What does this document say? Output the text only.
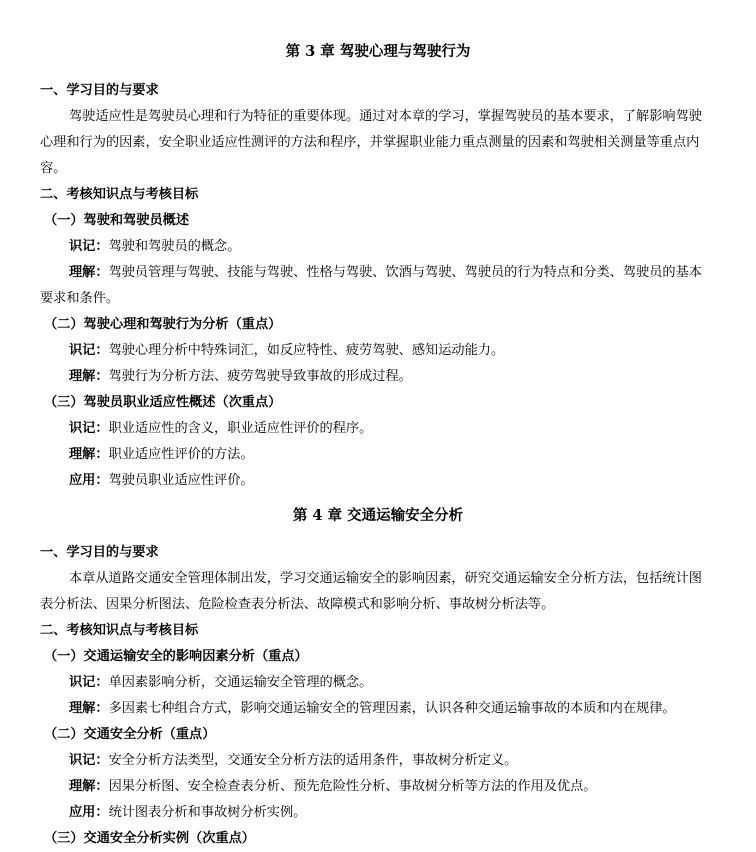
第 3 章 驾驶心理与驾驶行为
一、学习目的与要求
驾驶适应性是驾驶员心理和行为特征的重要体现。通过对本章的学习，掌握驾驶员的基本要求，了解影响驾驶
心理和行为的因素，安全职业适应性测评的方法和程序，并掌握职业能力重点测量的因素和驾驶相关测量等重点内
容。
二、考核知识点与考核目标
（一）驾驶和驾驶员概述
识记：驾驶和驾驶员的概念。
理解：驾驶员管理与驾驶、技能与驾驶、性格与驾驶、饮酒与驾驶、驾驶员的行为特点和分类、驾驶员的基本
要求和条件。
（二）驾驶心理和驾驶行为分析（重点）
识记：驾驶心理分析中特殊词汇，如反应特性、疲劳驾驶、感知运动能力。
理解：驾驶行为分析方法、疲劳驾驶导致事故的形成过程。
（三）驾驶员职业适应性概述（次重点）
识记：职业适应性的含义，职业适应性评价的程序。
理解：职业适应性评价的方法。
应用：驾驶员职业适应性评价。
第 4 章 交通运输安全分析
一、学习目的与要求
本章从道路交通安全管理体制出发，学习交通运输安全的影响因素，研究交通运输安全分析方法，包括统计图
表分析法、因果分析图法、危险检查表分析法、故障模式和影响分析、事故树分析法等。
二、考核知识点与考核目标
（一）交通运输安全的影响因素分析（重点）
识记：单因素影响分析，交通运输安全管理的概念。
理解：多因素七种组合方式，影响交通运输安全的管理因素，认识各种交通运输事故的本质和内在规律。
（二）交通安全分析（重点）
识记：安全分析方法类型，交通安全分析方法的适用条件，事故树分析定义。
理解：因果分析图、安全检查表分析、预先危险性分析、事故树分析等方法的作用及优点。
应用：统计图表分析和事故树分析实例。
（三）交通安全分析实例（次重点）
